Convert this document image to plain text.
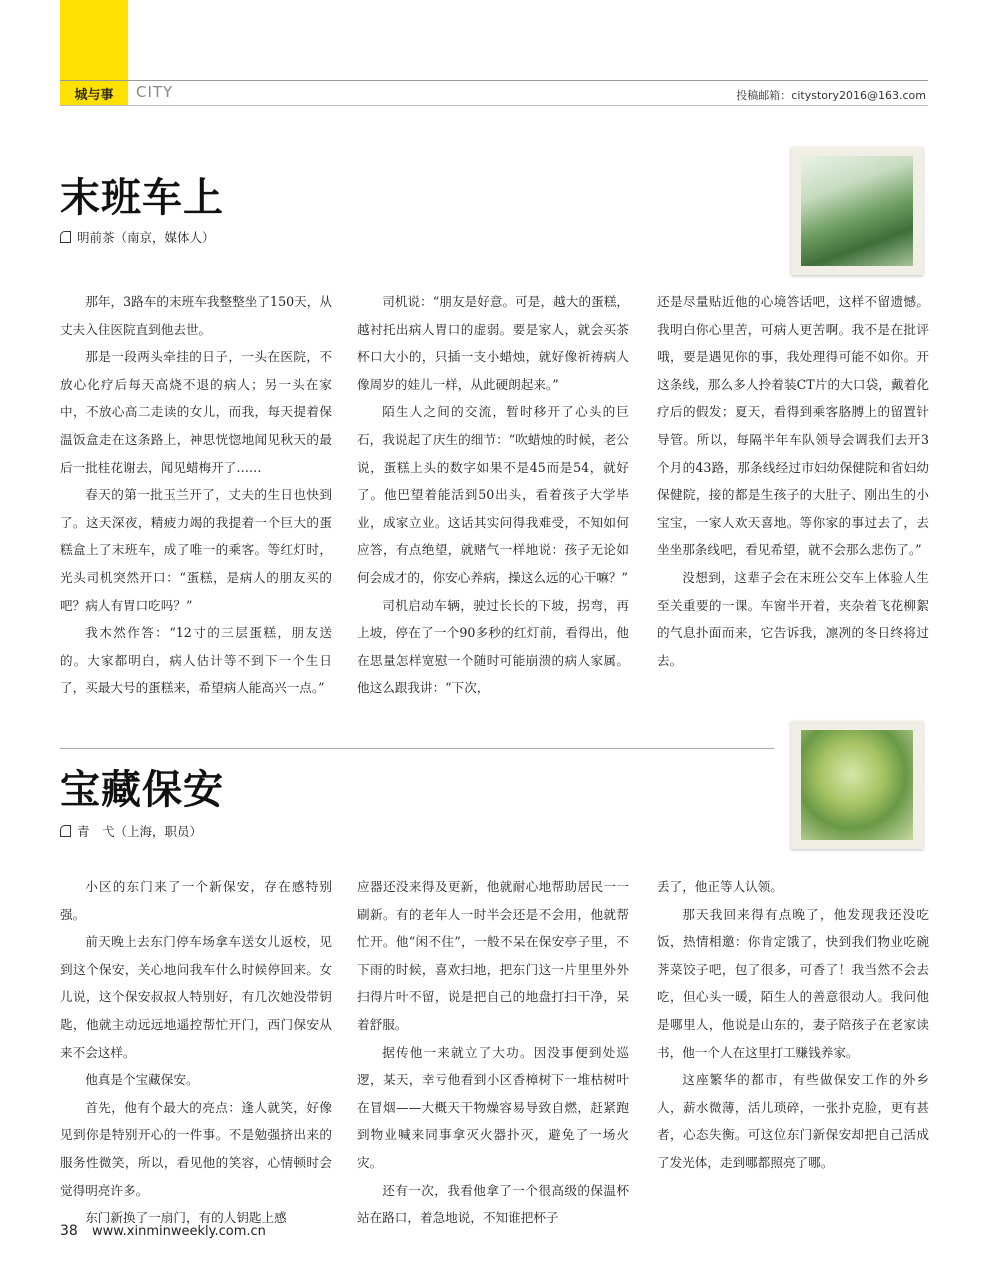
城与事	CITY	投稿邮箱：citystory2016@163.com
末班车上
明前茶（南京，媒体人）

那年，3路车的末班车我整整坐了150天，从丈夫入住医院直到他去世。

那是一段两头牵挂的日子，一头在医院，不放心化疗后每天高烧不退的病人；另一头在家中，不放心高二走读的女儿，而我，每天提着保温饭盒走在这条路上，神思恍惚地闻见秋天的最后一批桂花谢去，闻见蜡梅开了……

春天的第一批玉兰开了，丈夫的生日也快到了。这天深夜，精疲力竭的我提着一个巨大的蛋糕盒上了末班车，成了唯一的乘客。等红灯时，光头司机突然开口：“蛋糕，是病人的朋友买的吧？病人有胃口吃吗？”

我木然作答：“12寸的三层蛋糕，朋友送的。大家都明白，病人估计等不到下一个生日了，买最大号的蛋糕来，希望病人能高兴一点。”

司机说：“朋友是好意。可是，越大的蛋糕，越衬托出病人胃口的虚弱。要是家人，就会买茶杯口大小的，只插一支小蜡烛，就好像祈祷病人像周岁的娃儿一样，从此硬朗起来。”

陌生人之间的交流，暂时移开了心头的巨石，我说起了庆生的细节：“吹蜡烛的时候，老公说，蛋糕上头的数字如果不是45而是54，就好了。他巴望着能活到50出头，看着孩子大学毕业，成家立业。这话其实问得我难受，不知如何应答，有点绝望，就赌气一样地说：孩子无论如何会成才的，你安心养病，操这么远的心干嘛？”

司机启动车辆，驶过长长的下坡，拐弯，再上坡，停在了一个90多秒的红灯前，看得出，他在思量怎样宽慰一个随时可能崩溃的病人家属。他这么跟我讲：“下次，

还是尽量贴近他的心境答话吧，这样不留遗憾。我明白你心里苦，可病人更苦啊。我不是在批评哦，要是遇见你的事，我处理得可能不如你。开这条线，那么多人拎着装CT片的大口袋，戴着化疗后的假发；夏天，看得到乘客胳膊上的留置针导管。所以，每隔半年车队领导会调我们去开3个月的43路，那条线经过市妇幼保健院和省妇幼保健院，接的都是生孩子的大肚子、刚出生的小宝宝，一家人欢天喜地。等你家的事过去了，去坐坐那条线吧，看见希望，就不会那么悲伤了。”

没想到，这辈子会在末班公交车上体验人生至关重要的一课。车窗半开着，夹杂着飞花柳絮的气息扑面而来，它告诉我，凛冽的冬日终将过去。

宝藏保安
青　弋（上海，职员）

小区的东门来了一个新保安，存在感特别强。

前天晚上去东门停车场拿车送女儿返校，见到这个保安，关心地问我车什么时候停回来。女儿说，这个保安叔叔人特别好，有几次她没带钥匙，他就主动远远地遥控帮忙开门，西门保安从来不会这样。

他真是个宝藏保安。

首先，他有个最大的亮点：逢人就笑，好像见到你是特别开心的一件事。不是勉强挤出来的服务性微笑，所以，看见他的笑容，心情顿时会觉得明亮许多。

东门新换了一扇门，有的人钥匙上感

应器还没来得及更新，他就耐心地帮助居民一一刷新。有的老年人一时半会还是不会用，他就帮忙开。他“闲不住”，一般不呆在保安亭子里，不下雨的时候，喜欢扫地，把东门这一片里里外外扫得片叶不留，说是把自己的地盘打扫干净，呆着舒服。

据传他一来就立了大功。因没事便到处巡逻，某天，幸亏他看到小区香樟树下一堆枯树叶在冒烟——大概天干物燥容易导致自燃，赶紧跑到物业喊来同事拿灭火器扑灭，避免了一场火灾。

还有一次，我看他拿了一个很高级的保温杯站在路口，着急地说，不知谁把杯子

丢了，他正等人认领。

那天我回来得有点晚了，他发现我还没吃饭，热情相邀：你肯定饿了，快到我们物业吃碗荠菜饺子吧，包了很多，可香了！我当然不会去吃，但心头一暖，陌生人的善意很动人。我问他是哪里人，他说是山东的，妻子陪孩子在老家读书，他一个人在这里打工赚钱养家。

这座繁华的都市，有些做保安工作的外乡人，薪水微薄，活儿琐碎，一张扑克脸，更有甚者，心态失衡。可这位东门新保安却把自己活成了发光体，走到哪都照亮了哪。

38 www.xinminweekly.com.cn
